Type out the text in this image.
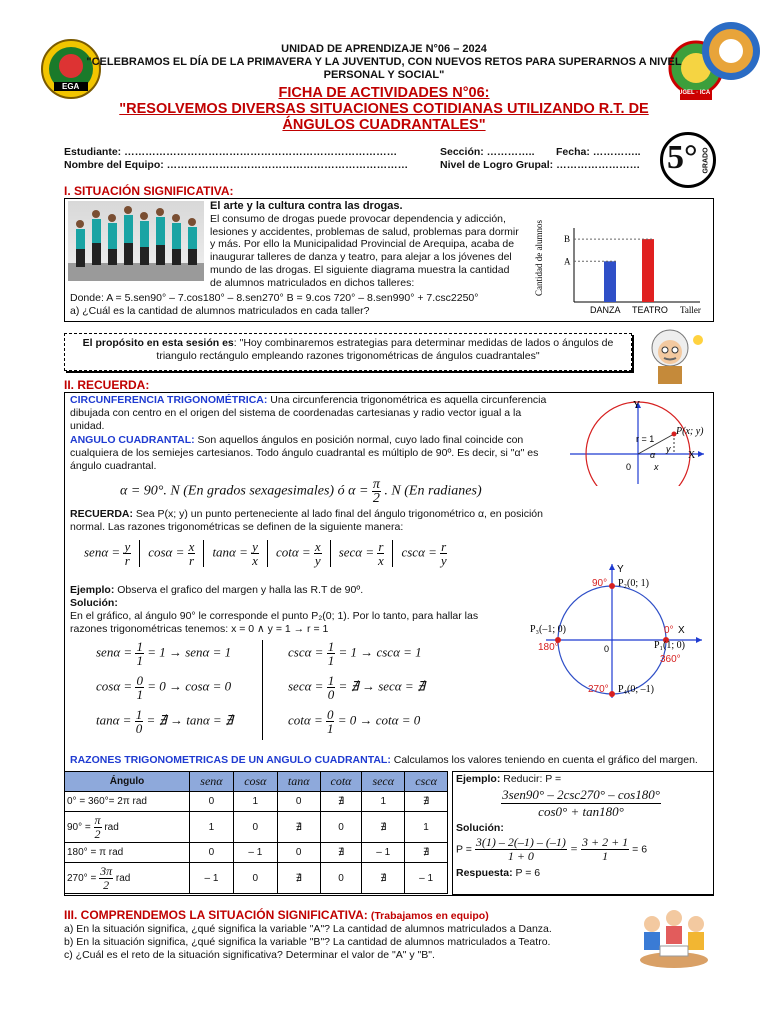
EGA
UGEL · ICA
UNIDAD DE APRENDIZAJE N°06 – 2024
"CELEBRAMOS EL DÍA DE LA PRIMAVERA Y LA JUVENTUD, CON NUEVOS RETOS PARA SUPERARNOS A NIVEL
PERSONAL Y SOCIAL"
FICHA DE ACTIVIDADES N°06:
"RESOLVEMOS DIVERSAS SITUACIONES COTIDIANAS UTILIZANDO R.T. DE
ÁNGULOS CUADRANTALES"
Estudiante: ……………………………………………………………………
Nombre del Equipo: ……………………………………………………………
Sección: ………….. Fecha: …………..
Nivel de Logro Grupal: …………………… 5° GRADO
I. SITUACIÓN SIGNIFICATIVA:
El arte y la cultura contra las drogas.
El consumo de drogas puede provocar dependencia y adicción, lesiones y accidentes, problemas de salud, problemas para dormir y más. Por ello la Municipalidad Provincial de Arequipa, acaba de inaugurar talleres de danza y teatro, para alejar a los jóvenes del mundo de las drogas. El siguiente diagrama muestra la cantidad de alumnos matriculados en dichos talleres:
Donde: A = 5.sen90° – 7.cos180° – 8.sen270° B = 9.cos 720° – 8.sen990° + 7.csc2250°
a) ¿Cuál es la cantidad de alumnos matriculados en cada taller?
Cantidad de alumnos A
DANZA
B
TEATRO Taller
El propósito en esta sesión es: "Hoy combinaremos estrategias para determinar medidas de lados o ángulos de triangulo rectángulo empleando razones trigonométricas de ángulos cuadrantales"
II. RECUERDA:
CIRCUNFERENCIA TRIGONOMÉTRICA: Una circunferencia trigonométrica es aquella circunferencia dibujada con centro en el origen del sistema de coordenadas cartesianas y radio vector igual a la unidad.
ANGULO CUADRANTAL: Son aquellos ángulos en posición normal, cuyo lado final coincide con cualquiera de los semiejes cartesianos. Todo ángulo cuadrantal es múltiplo de 90º. Es decir, si "α" es ángulo cuadrantal.
α = 90°. N (En grados sexagesimales) ó $\alpha = \frac{\pi}{2}$ . N (En radianes)
Y
X
P(x; y)
r = 1
0
α
x
y
RECUERDA: Sea P(x; y) un punto perteneciente al lado final del ángulo trigonométrico α, en posición normal. Las razones trigonométricas se definen de la siguiente manera:
$sen\alpha = \frac{y}{r}$ $\cos\alpha = \frac{x}{r}$ $\tan\alpha = \frac{y}{x}$ $\cot\alpha = \frac{x}{y}$ $\sec\alpha = \frac{r}{x}$ $\csc\alpha = \frac{r}{y}$
Ejemplo: Observa el grafico del margen y halla las R.T de 90º.
Solución:
En el gráfico, al ángulo 90° le corresponde el punto P₂(0; 1). Por lo tanto, para hallar las razones trigonométricas tenemos: x = 0 ∧ y = 1 → r = 1
$sen\alpha = \frac{1}{1} = 1 \to sen\alpha = 1$
$\cos\alpha = \frac{0}{1} = 0 \to \cos\alpha = 0$
$\tan\alpha = \frac{1}{0}$ = ∄ → tanα = ∄
$\csc\alpha = \frac{1}{1} = 1 \to \csc\alpha = 1$
$\sec\alpha = \frac{1}{0}$ = ∄ → secα = ∄
$\cot\alpha = \frac{0}{1} = 0 \to \cot\alpha = 0$
Y
X
90° P₂(0; 1)
P₃(–1; 0)
180°
0°
P₁(1; 0)
360°
270° P₄(0; –1)
0
RAZONES TRIGONOMETRICAS DE UN ANGULO CUADRANTAL: Calculamos los valores teniendo en cuenta el gráfico del margen.
Ángulo	senα	cosα	tanα	cotα	secα	cscα
0° = 360°= 2π rad	0	1	0	∄	1	∄
$90^\circ = \frac{\pi}{2}$ rad	1	0	∄	0	∄	1
180° = π rad	0	– 1	0	∄	– 1	∄
$270^\circ = \frac{3\pi}{2}$ rad	– 1	0	∄	0	∄	– 1
Ejemplo: Reducir: P =
3sen90° – 2csc270° – cos180°
cos0° + tan180°
Solución:
$P = \frac{3(1) - 2(-1) - (-1)}{1 + 0} = \frac{3 + 2 + 1}{1} = 6$
Respuesta: P = 6
III. COMPRENDEMOS LA SITUACIÓN SIGNIFICATIVA: (Trabajamos en equipo)
a) En la situación significa, ¿qué significa la variable "A"? La cantidad de alumnos matriculados a Danza.
b) En la situación significa, ¿qué significa la variable "B"? La cantidad de alumnos matriculados a Teatro.
c) ¿Cuál es el reto de la situación significativa? Determinar el valor de "A" y "B".
